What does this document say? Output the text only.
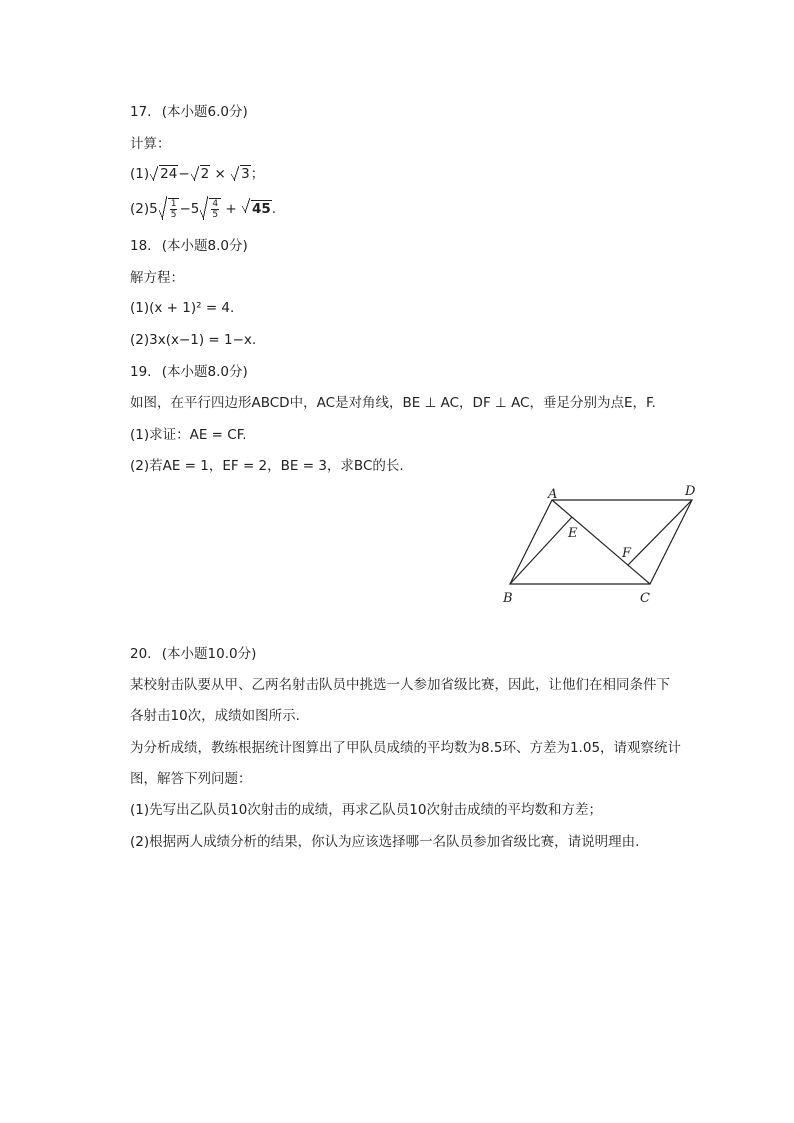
17. (本小题6.0分)
计算：
(1) 24− 2 × 3；
$(2)5 \frac{1}{5} -5 \frac{4}{5} + 45$.
18. (本小题8.0分)
解方程：
(1)(x + 1)² = 4.
(2)3x(x−1) = 1−x.
19. (本小题8.0分)
如图，在平行四边形ABCD中，AC是对角线，BE ⊥ AC，DF ⊥ AC，垂足分别为点E，F.
(1)求证：AE = CF.
(2)若AE = 1，EF = 2，BE = 3，求BC的长.
A	D
E
F
B	C
20. (本小题10.0分)
某校射击队要从甲、乙两名射击队员中挑选一人参加省级比赛，因此，让他们在相同条件下
各射击10次，成绩如图所示.
为分析成绩，教练根据统计图算出了甲队员成绩的平均数为8.5环、方差为1.05，请观察统计
图，解答下列问题：
(1)先写出乙队员10次射击的成绩，再求乙队员10次射击成绩的平均数和方差；
(2)根据两人成绩分析的结果，你认为应该选择哪一名队员参加省级比赛，请说明理由.
